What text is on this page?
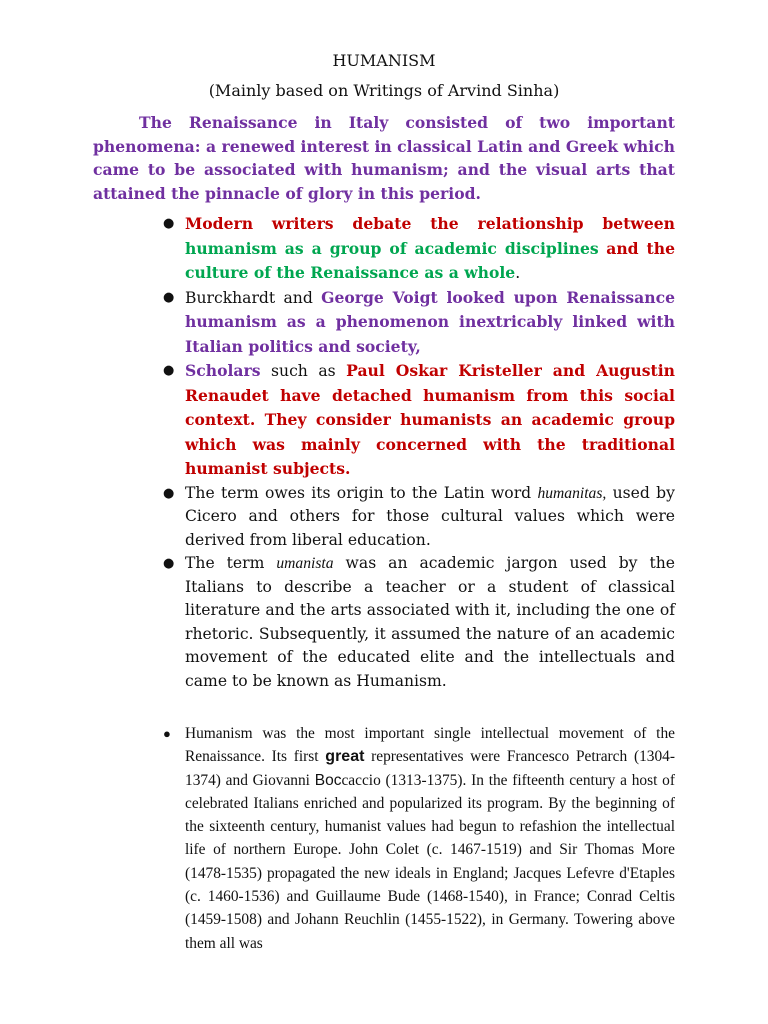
HUMANISM
(Mainly based on Writings of Arvind Sinha)
The Renaissance in Italy consisted of two important phenomena: a renewed interest in classical Latin and Greek which came to be associated with humanism; and the visual arts that attained the pinnacle of glory in this period.
● Modern writers debate the relationship between humanism as a group of academic disciplines and the culture of the Renaissance as a whole.
● Burckhardt and George Voigt looked upon Renaissance humanism as a phenomenon inextricably linked with Italian politics and society,
● Scholars such as Paul Oskar Kristeller and Augustin Renaudet have detached humanism from this social context. They consider humanists an academic group which was mainly concerned with the traditional humanist subjects.
● The term owes its origin to the Latin word humanitas, used by Cicero and others for those cultural values which were derived from liberal education.
● The term umanista was an academic jargon used by the Italians to describe a teacher or a student of classical literature and the arts associated with it, including the one of rhetoric. Subsequently, it assumed the nature of an academic movement of the educated elite and the intellectuals and came to be known as Humanism.
● Humanism was the most important single intellectual movement of the Renaissance. Its first great representatives were Francesco Petrarch (1304-1374) and Giovanni Boccaccio (1313-1375). In the fifteenth century a host of celebrated Italians enriched and popularized its program. By the beginning of the sixteenth century, humanist values had begun to refashion the intellectual life of northern Europe. John Colet (c. 1467-1519) and Sir Thomas More (1478-1535) propagated the new ideals in England; Jacques Lefevre d'Etaples (c. 1460-1536) and Guillaume Bude (1468-1540), in France; Conrad Celtis (1459-1508) and Johann Reuchlin (1455-1522), in Germany. Towering above them all was
